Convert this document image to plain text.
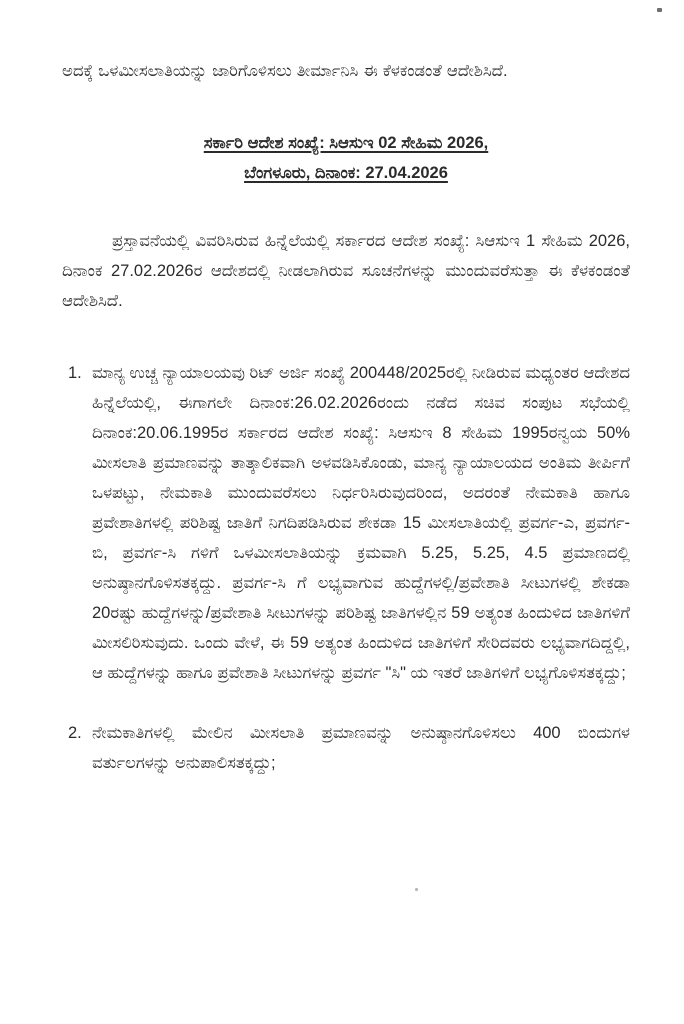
ಅದಕ್ಕೆ ಒಳಮೀಸಲಾತಿಯನ್ನು ಜಾರಿಗೊಳಿಸಲು ತೀರ್ಮಾನಿಸಿ ಈ ಕೆಳಕಂಡಂತೆ ಆದೇಶಿಸಿದೆ.

ಸರ್ಕಾರಿ ಆದೇಶ ಸಂಖ್ಯೆ: ಸಿಆಸುಇ 02 ಸೇಹಿಮ 2026,
ಬೆಂಗಳೂರು, ದಿನಾಂಕ: 27.04.2026

ಪ್ರಸ್ತಾವನೆಯಲ್ಲಿ ವಿವರಿಸಿರುವ ಹಿನ್ನೆಲೆಯಲ್ಲಿ ಸರ್ಕಾರದ ಆದೇಶ ಸಂಖ್ಯೆ: ಸಿಆಸುಇ 1 ಸೇಹಿಮ 2026, ದಿನಾಂಕ 27.02.2026ರ ಆದೇಶದಲ್ಲಿ ನೀಡಲಾಗಿರುವ ಸೂಚನೆಗಳನ್ನು ಮುಂದುವರೆಸುತ್ತಾ ಈ ಕೆಳಕಂಡಂತೆ ಆದೇಶಿಸಿದೆ.

1. ಮಾನ್ಯ ಉಚ್ಚ ನ್ಯಾಯಾಲಯವು ರಿಟ್ ಅರ್ಜಿ ಸಂಖ್ಯೆ 200448/2025ರಲ್ಲಿ ನೀಡಿರುವ ಮಧ್ಯಂತರ ಆದೇಶದ ಹಿನ್ನೆಲೆಯಲ್ಲಿ, ಈಗಾಗಲೇ ದಿನಾಂಕ:26.02.2026ರಂದು ನಡೆದ ಸಚಿವ ಸಂಪುಟ ಸಭೆಯಲ್ಲಿ ದಿನಾಂಕ:20.06.1995ರ ಸರ್ಕಾರದ ಆದೇಶ ಸಂಖ್ಯೆ: ಸಿಆಸುಇ 8 ಸೇಹಿಮ 1995ರನ್ವಯ 50% ಮೀಸಲಾತಿ ಪ್ರಮಾಣವನ್ನು ತಾತ್ಕಾಲಿಕವಾಗಿ ಅಳವಡಿಸಿಕೊಂಡು, ಮಾನ್ಯ ನ್ಯಾಯಾಲಯದ ಅಂತಿಮ ತೀರ್ಪಿಗೆ ಒಳಪಟ್ಟು, ನೇಮಕಾತಿ ಮುಂದುವರೆಸಲು ನಿರ್ಧರಿಸಿರುವುದರಿಂದ, ಅದರಂತೆ ನೇಮಕಾತಿ ಹಾಗೂ ಪ್ರವೇಶಾತಿಗಳಲ್ಲಿ ಪರಿಶಿಷ್ಟ ಜಾತಿಗೆ ನಿಗದಿಪಡಿಸಿರುವ ಶೇಕಡಾ 15 ಮೀಸಲಾತಿಯಲ್ಲಿ ಪ್ರವರ್ಗ-ಎ, ಪ್ರವರ್ಗ-ಬಿ, ಪ್ರವರ್ಗ-ಸಿ ಗಳಿಗೆ ಒಳಮೀಸಲಾತಿಯನ್ನು ಕ್ರಮವಾಗಿ 5.25, 5.25, 4.5 ಪ್ರಮಾಣದಲ್ಲಿ ಅನುಷ್ಠಾನಗೊಳಿಸತಕ್ಕದ್ದು. ಪ್ರವರ್ಗ-ಸಿ ಗೆ ಲಭ್ಯವಾಗುವ ಹುದ್ದೆಗಳಲ್ಲಿ/ಪ್ರವೇಶಾತಿ ಸೀಟುಗಳಲ್ಲಿ ಶೇಕಡಾ 20ರಷ್ಟು ಹುದ್ದೆಗಳನ್ನು/ಪ್ರವೇಶಾತಿ ಸೀಟುಗಳನ್ನು ಪರಿಶಿಷ್ಟ ಜಾತಿಗಳಲ್ಲಿನ 59 ಅತ್ಯಂತ ಹಿಂದುಳಿದ ಜಾತಿಗಳಿಗೆ ಮೀಸಲಿರಿಸುವುದು. ಒಂದು ವೇಳೆ, ಈ 59 ಅತ್ಯಂತ ಹಿಂದುಳಿದ ಜಾತಿಗಳಿಗೆ ಸೇರಿದವರು ಲಭ್ಯವಾಗದಿದ್ದಲ್ಲಿ, ಆ ಹುದ್ದೆಗಳನ್ನು ಹಾಗೂ ಪ್ರವೇಶಾತಿ ಸೀಟುಗಳನ್ನು ಪ್ರವರ್ಗ "ಸಿ" ಯ ಇತರೆ ಜಾತಿಗಳಿಗೆ ಲಭ್ಯಗೊಳಿಸತಕ್ಕದ್ದು;
2. ನೇಮಕಾತಿಗಳಲ್ಲಿ ಮೇಲಿನ ಮೀಸಲಾತಿ ಪ್ರಮಾಣವನ್ನು ಅನುಷ್ಠಾನಗೊಳಿಸಲು 400 ಬಿಂದುಗಳ ವರ್ತುಲಗಳನ್ನು ಅನುಪಾಲಿಸತಕ್ಕದ್ದು;
